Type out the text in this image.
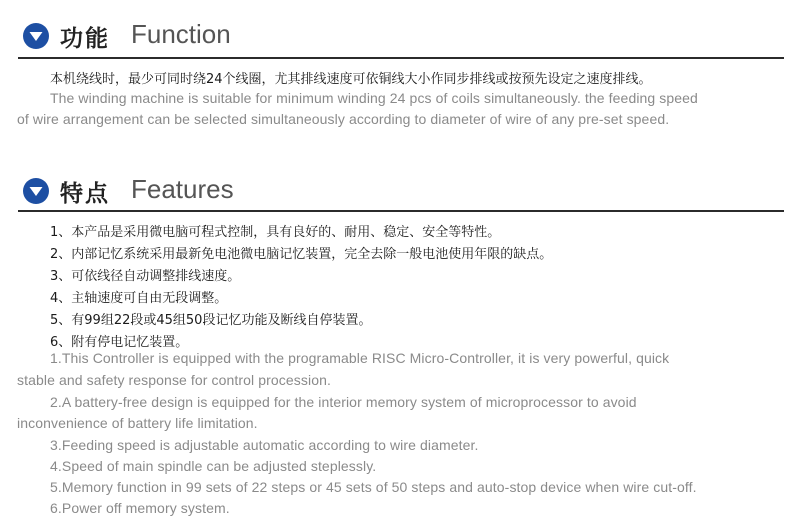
功能 Function
本机绕线时，最少可同时绕24个线圈，尤其排线速度可依铜线大小作同步排线或按预先设定之速度排线。
The winding machine is suitable for minimum winding 24 pcs of coils simultaneously. the feeding speed
of wire arrangement can be selected simultaneously according to diameter of wire of any pre-set speed.
特点 Features
1、本产品是采用微电脑可程式控制，具有良好的、耐用、稳定、安全等特性。
2、内部记忆系统采用最新免电池微电脑记忆装置，完全去除一般电池使用年限的缺点。
3、可依线径自动调整排线速度。
4、主轴速度可自由无段调整。
5、有99组22段或45组50段记忆功能及断线自停装置。
6、附有停电记忆装置。
1.This Controller is equipped with the programable RISC Micro-Controller, it is very powerful, quick
stable and safety response for control procession.
2.A battery-free design is equipped for the interior memory system of microprocessor to avoid
inconvenience of battery life limitation.
3.Feeding speed is adjustable automatic according to wire diameter.
4.Speed of main spindle can be adjusted steplessly.
5.Memory function in 99 sets of 22 steps or 45 sets of 50 steps and auto-stop device when wire cut-off.
6.Power off memory system.
